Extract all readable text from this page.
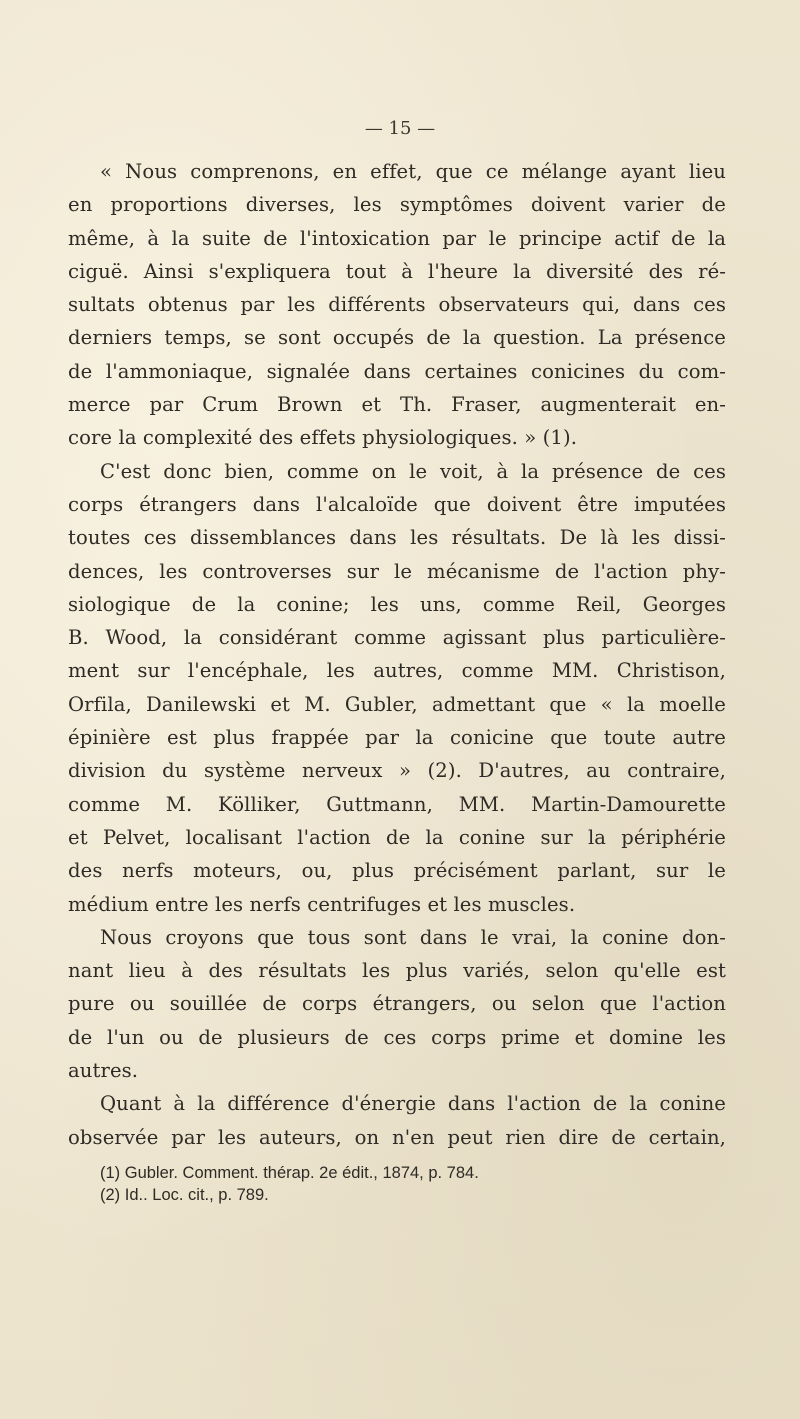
— 15 —
« Nous comprenons, en effet, que ce mélange ayant lieu
en proportions diverses, les symptômes doivent varier de
même, à la suite de l'intoxication par le principe actif de la
ciguë. Ainsi s'expliquera tout à l'heure la diversité des ré-
sultats obtenus par les différents observateurs qui, dans ces
derniers temps, se sont occupés de la question. La présence
de l'ammoniaque, signalée dans certaines conicines du com-
merce par Crum Brown et Th. Fraser, augmenterait en-
core la complexité des effets physiologiques. » (1).
C'est donc bien, comme on le voit, à la présence de ces
corps étrangers dans l'alcaloïde que doivent être imputées
toutes ces dissemblances dans les résultats. De là les dissi-
dences, les controverses sur le mécanisme de l'action phy-
siologique de la conine; les uns, comme Reil, Georges
B. Wood, la considérant comme agissant plus particulière-
ment sur l'encéphale, les autres, comme MM. Christison,
Orfila, Danilewski et M. Gubler, admettant que « la moelle
épinière est plus frappée par la conicine que toute autre
division du système nerveux » (2). D'autres, au contraire,
comme M. Kölliker, Guttmann, MM. Martin-Damourette
et Pelvet, localisant l'action de la conine sur la périphérie
des nerfs moteurs, ou, plus précisément parlant, sur le
médium entre les nerfs centrifuges et les muscles.
Nous croyons que tous sont dans le vrai, la conine don-
nant lieu à des résultats les plus variés, selon qu'elle est
pure ou souillée de corps étrangers, ou selon que l'action
de l'un ou de plusieurs de ces corps prime et domine les
autres.
Quant à la différence d'énergie dans l'action de la conine
observée par les auteurs, on n'en peut rien dire de certain,
(1) Gubler. Comment. thérap. 2e édit., 1874, p. 784.
(2) Id.. Loc. cit., p. 789.
